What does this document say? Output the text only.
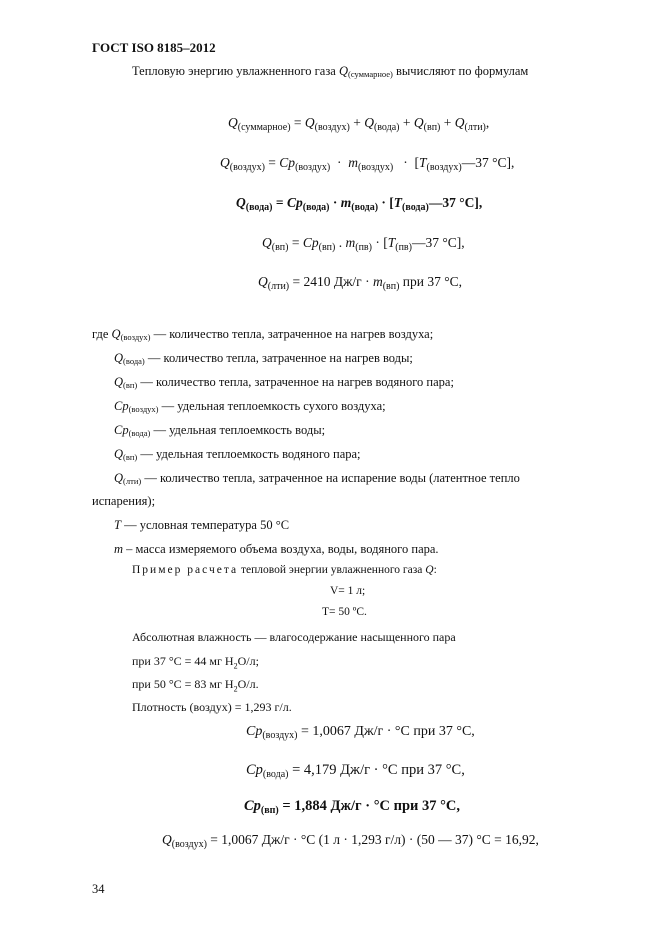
ГОСТ ISO 8185–2012
Тепловую энергию увлажненного газа Q(суммарное) вычисляют по формулам
$Q_{(суммарное)} = Q_{(воздух)} + Q_{(вода)} + Q_{(вп)} + Q_{(лти)}$,
$Q_{(воздух)} = Cp_{(воздух)} \cdot m_{(воздух)}$   ·  [$T_{(воздух)}—37$ °C],
$Q_{(вода)} = Cp_{(вода)} \cdot m_{(вода)}$ · [$T_{(вода)}—37$ °C],
$Q_{(вп)} = Cp_{(вп)}$ . $m_{(пв)}$ · [$T_{(пв)}—37$ °C],
$Q_{(лти)} = 2410$ $Дж/г \cdot m_{(вп)}$ при 37 °С,
где Q(воздух) — количество тепла, затраченное на нагрев воздуха;
Q(вода) — количество тепла, затраченное на нагрев воды;
Q(вп) — количество тепла, затраченное на нагрев водяного пара;
Cp(воздух) — удельная теплоемкость сухого воздуха;
Cp(вода) — удельная теплоемкость воды;
Q(вп) — удельная теплоемкость водяного пара;
Q(лти) — количество тепла, затраченное на испарение воды (латентное тепло
испарения);
T — условная температура 50 °С
m – масса измеряемого объема воздуха, воды, водяного пара.
Пример расчета тепловой энергии увлажненного газа Q:
V= 1 л;
Т= 50 ºС.
Абсолютная влажность — влагосодержание насыщенного пара
при 37 °С = 44 мг $H_2O/л$;
при 50 °С = 83 мг $H_2O/л$.
Плотность (воздух) = 1,293 г/л.
$Cp_{(воздух)} = 1,0067$ Дж/г · °С при 37 °С,
$Cp_{(вода)} = 4,179$ Дж/г · °С при 37 °С,
$Cp_{(вп)} = 1,884$ Дж/г · °С при 37 °С,
$Q_{(воздух)} = 1,0067$ Дж/г · °С (1 л · 1,293 г/л) · (50 — 37) °С = 16,92,
34
